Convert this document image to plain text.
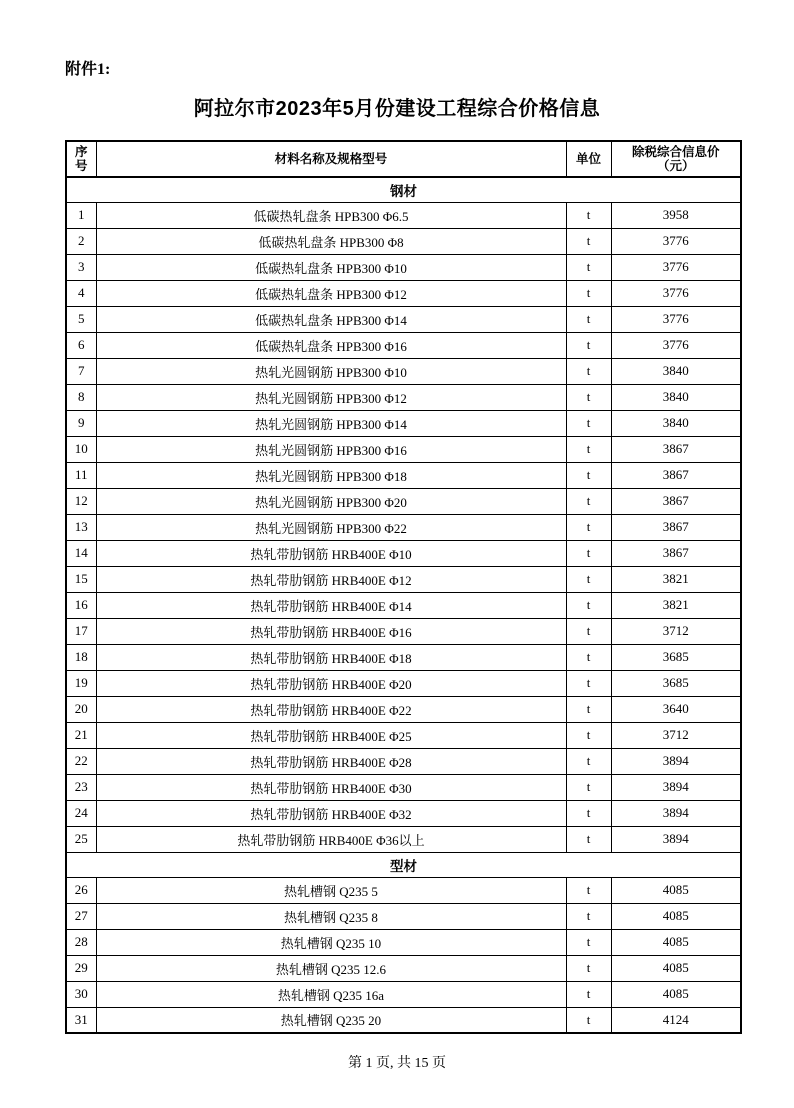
附件1:
阿拉尔市2023年5月份建设工程综合价格信息
序
号	材料名称及规格型号	单位	除税综合信息价
（元）
钢材			
1	低碳热轧盘条 HPB300 Φ6.5	t	3958
2	低碳热轧盘条 HPB300 Φ8	t	3776
3	低碳热轧盘条 HPB300 Φ10	t	3776
4	低碳热轧盘条 HPB300 Φ12	t	3776
5	低碳热轧盘条 HPB300 Φ14	t	3776
6	低碳热轧盘条 HPB300 Φ16	t	3776
7	热轧光圆钢筋 HPB300 Φ10	t	3840
8	热轧光圆钢筋 HPB300 Φ12	t	3840
9	热轧光圆钢筋 HPB300 Φ14	t	3840
10	热轧光圆钢筋 HPB300 Φ16	t	3867
11	热轧光圆钢筋 HPB300 Φ18	t	3867
12	热轧光圆钢筋 HPB300 Φ20	t	3867
13	热轧光圆钢筋 HPB300 Φ22	t	3867
14	热轧带肋钢筋 HRB400E Φ10	t	3867
15	热轧带肋钢筋 HRB400E Φ12	t	3821
16	热轧带肋钢筋 HRB400E Φ14	t	3821
17	热轧带肋钢筋 HRB400E Φ16	t	3712
18	热轧带肋钢筋 HRB400E Φ18	t	3685
19	热轧带肋钢筋 HRB400E Φ20	t	3685
20	热轧带肋钢筋 HRB400E Φ22	t	3640
21	热轧带肋钢筋 HRB400E Φ25	t	3712
22	热轧带肋钢筋 HRB400E Φ28	t	3894
23	热轧带肋钢筋 HRB400E Φ30	t	3894
24	热轧带肋钢筋 HRB400E Φ32	t	3894
25	热轧带肋钢筋 HRB400E Φ36以上	t	3894
型材			
26	热轧槽钢 Q235 5	t	4085
27	热轧槽钢 Q235 8	t	4085
28	热轧槽钢 Q235 10	t	4085
29	热轧槽钢 Q235 12.6	t	4085
30	热轧槽钢 Q235 16a	t	4085
31	热轧槽钢 Q235 20	t	4124
第 1 页, 共 15 页
